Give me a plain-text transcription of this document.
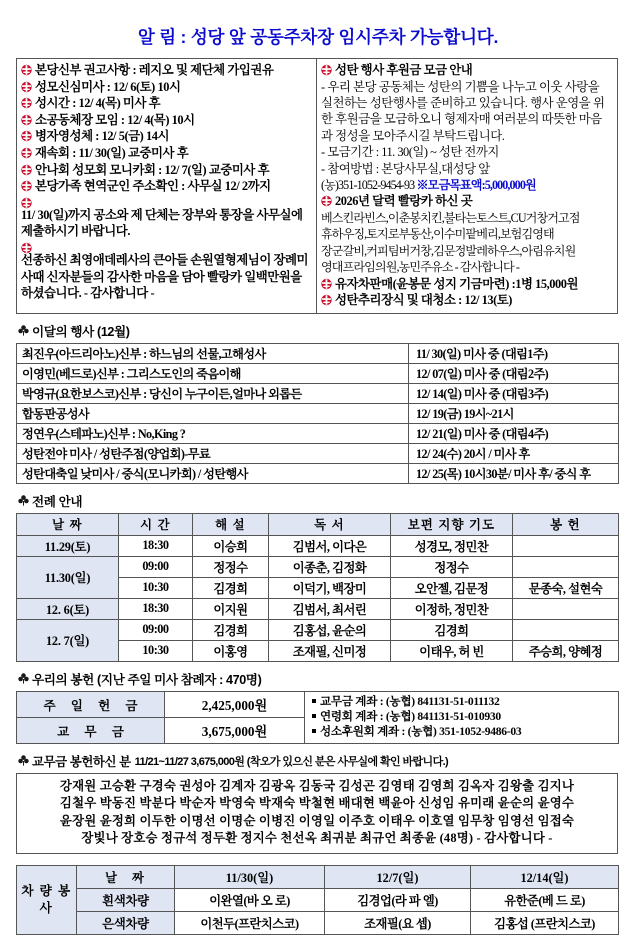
알 림 : 성당 앞 공동주차장 임시주차 가능합니다.
본당신부 권고사항 : 레지오 및 제단체 가입권유
성모신심미사 : 12/ 6(토) 10시
성시간 : 12/ 4(목) 미사 후
소공동체장 모임 : 12/ 4(목) 10시
병자영성체 : 12/ 5(금) 14시
재속회 : 11/ 30(일) 교중미사 후
안나회 성모회 모니카회 : 12/ 7(일) 교중미사 후
본당가족 현역군인 주소확인 : 사무실 12/ 2까지
11/ 30(일)까지 공소와 제 단체는 장부와 통장을 사무실에 제출하시기 바랍니다.
선종하신 최영애데레사의 큰아들 손원열형제님이 장례미사때 신자분들의 감사한 마음을 담아 빨랑카 일백만원을 하셨습니다. - 감사합니다 -
성탄 행사 후원금 모금 안내
- 우리 본당 공동체는 성탄의 기쁨을 나누고 이웃 사랑을 실천하는 성탄행사를 준비하고 있습니다. 행사 운영을 위한 후원금을 모금하오니 형제자매 여러분의 따뜻한 마음과 정성을 모아주시길 부탁드립니다.
- 모금기간 : 11. 30(일) ~ 성탄 전까지
- 참여방법 : 본당사무실,대성당 앞
(농)351-1052-9454-93 ※모금목표액:5,000,000원
2026년 달력 빨랑카 하신 곳
베스킨라빈스,이춘봉치킨,불타는토스트,CU거창거고점
휴하우징,토지로부동산,이수미팥베리,보험김영태
장군갈비,커피팀버거창,김문정발레하우스,아림유치원
영대프라임의원,농민주유소 - 감사합니다 -
유자차판매(윤봉문 성지 기금마련) :1병 15,000원
성탄추리장식 및 대청소 : 12/ 13(토)
이달의 행사 (12월)
최진우(아드리아노)신부 : 하느님의 선물,고해성사	11/ 30(일) 미사 중 (대림1주)
이영민(베드로)신부 : 그리스도인의 죽음이해	12/ 07(일) 미사 중 (대림2주)
박영규(요한보스코)신부 : 당신이 누구이든,얼마나 외롭든	12/ 14(일) 미사 중 (대림3주)
합동판공성사	12/ 19(금) 19시~21시
정연우(스테파노)신부 : No,King ?	12/ 21(일) 미사 중 (대림4주)
성탄전야 미사 / 성탄주점(양업회)-무료	12/ 24(수) 20시 / 미사 후
성탄대축일 낮미사 / 중식(모니카회) / 성탄행사	12/ 25(목) 10시30분/ 미사 후/ 중식 후
전례 안내
날 짜	시 간	해 설	독 서	보편 지향 기도	봉 헌
11.29(토)	18:30	이승희	김범서, 이다은	성경모, 정민찬	
11.30(일)	09:00	정정수	이종춘, 김정화	정정수	
	10:30	김경희	이덕기, 백장미	오안젤, 김문정	문종숙, 설현숙
12. 6(토)	18:30	이지원	김범서, 최서린	이정하, 정민찬	
12. 7(일)	09:00	김경희	김홍섭, 윤순의	김경희	
	10:30	이홍영	조재필, 신미정	이태우, 허 빈	주승희, 양혜정
우리의 봉헌 (지난 주일 미사 참례자 : 470명)
주 일 헌 금	2,425,000원	교무금 계좌 : (농협) 841131-51-011132
연령회 계좌 : (농협) 841131-51-010930
성소후원회 계좌 : (농협) 351-1052-9486-03

교 무 금	3,675,000원	
교무금 봉헌하신 분 11/21~11/27 3,675,000원 (착오가 있으신 분은 사무실에 확인 바랍니다.)
강재원 고승환 구경숙 권성아 김계자 김광옥 김동국 김성곤 김영태 김영희 김옥자 김왕출 김지나
김철우 박동진 박분다 박순자 박영숙 박재숙 박철현 배대현 백윤아 신성임 유미래 윤순의 윤영수
윤장원 윤정희 이두한 이명선 이명순 이병진 이영일 이주호 이태우 이호열 임무창 임영선 임접숙
장빛나 장호승 정규석 정두환 정지수 천선옥 최귀분 최규언 최종윤 (48명) - 감사합니다 -
차 량 봉 사	날 짜	11/30(일)	12/7(일)	12/14(일)
	흰색차량	이완열(바 오 로)	김경업(라 파 엘)	유한준(베 드 로)
	은색차량	이천두(프란치스코)	조재필(요 셉)	김홍섭 (프란치스코)
